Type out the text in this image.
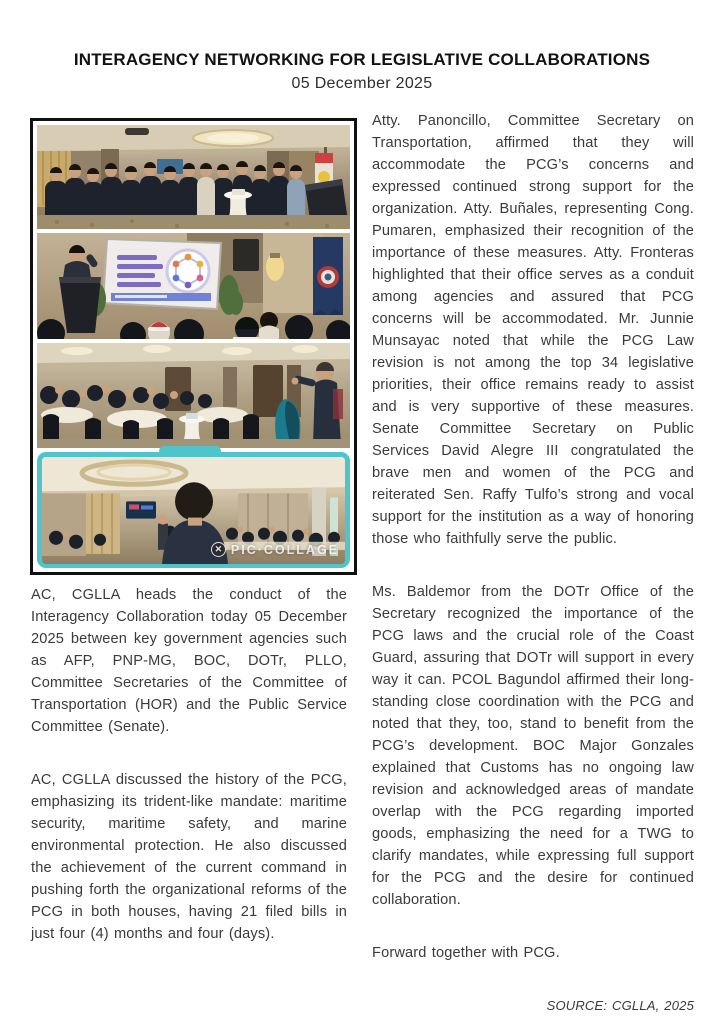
INTERAGENCY NETWORKING FOR LEGISLATIVE COLLABORATIONS
05 December 2025
✕ PIC·COLLAGE

AC, CGLLA heads the conduct of the Interagency Collaboration today 05 December 2025 between key government agencies such as AFP, PNP-MG, BOC, DOTr, PLLO, Committee Secretaries of the Committee of Transportation (HOR) and the Public Service Committee (Senate).

AC, CGLLA discussed the history of the PCG, emphasizing its trident-like mandate: maritime security, maritime safety, and marine environmental protection. He also discussed the achievement of the current command in pushing forth the organizational reforms of the PCG in both houses, having 21 filed bills in just four (4) months and four (days).

Atty. Panoncillo, Committee Secretary on Transportation, affirmed that they will accommodate the PCG’s concerns and expressed continued strong support for the organization. Atty. Buñales, representing Cong. Pumaren, emphasized their recognition of the importance of these measures. Atty. Fronteras highlighted that their office serves as a conduit among agencies and assured that PCG concerns will be accommodated. Mr. Junnie Munsayac noted that while the PCG Law revision is not among the top 34 legislative priorities, their office remains ready to assist and is very supportive of these measures. Senate Committee Secretary on Public Services David Alegre III congratulated the brave men and women of the PCG and reiterated Sen. Raffy Tulfo’s strong and vocal support for the institution as a way of honoring those who faithfully serve the public.

Ms. Baldemor from the DOTr Office of the Secretary recognized the importance of the PCG laws and the crucial role of the Coast Guard, assuring that DOTr will support in every way it can. PCOL Bagundol affirmed their long-standing close coordination with the PCG and noted that they, too, stand to benefit from the PCG’s development. BOC Major Gonzales explained that Customs has no ongoing law revision and acknowledged areas of mandate overlap with the PCG regarding imported goods, emphasizing the need for a TWG to clarify mandates, while expressing full support for the PCG and the desire for continued collaboration.

Forward together with PCG.

SOURCE: CGLLA, 2025
